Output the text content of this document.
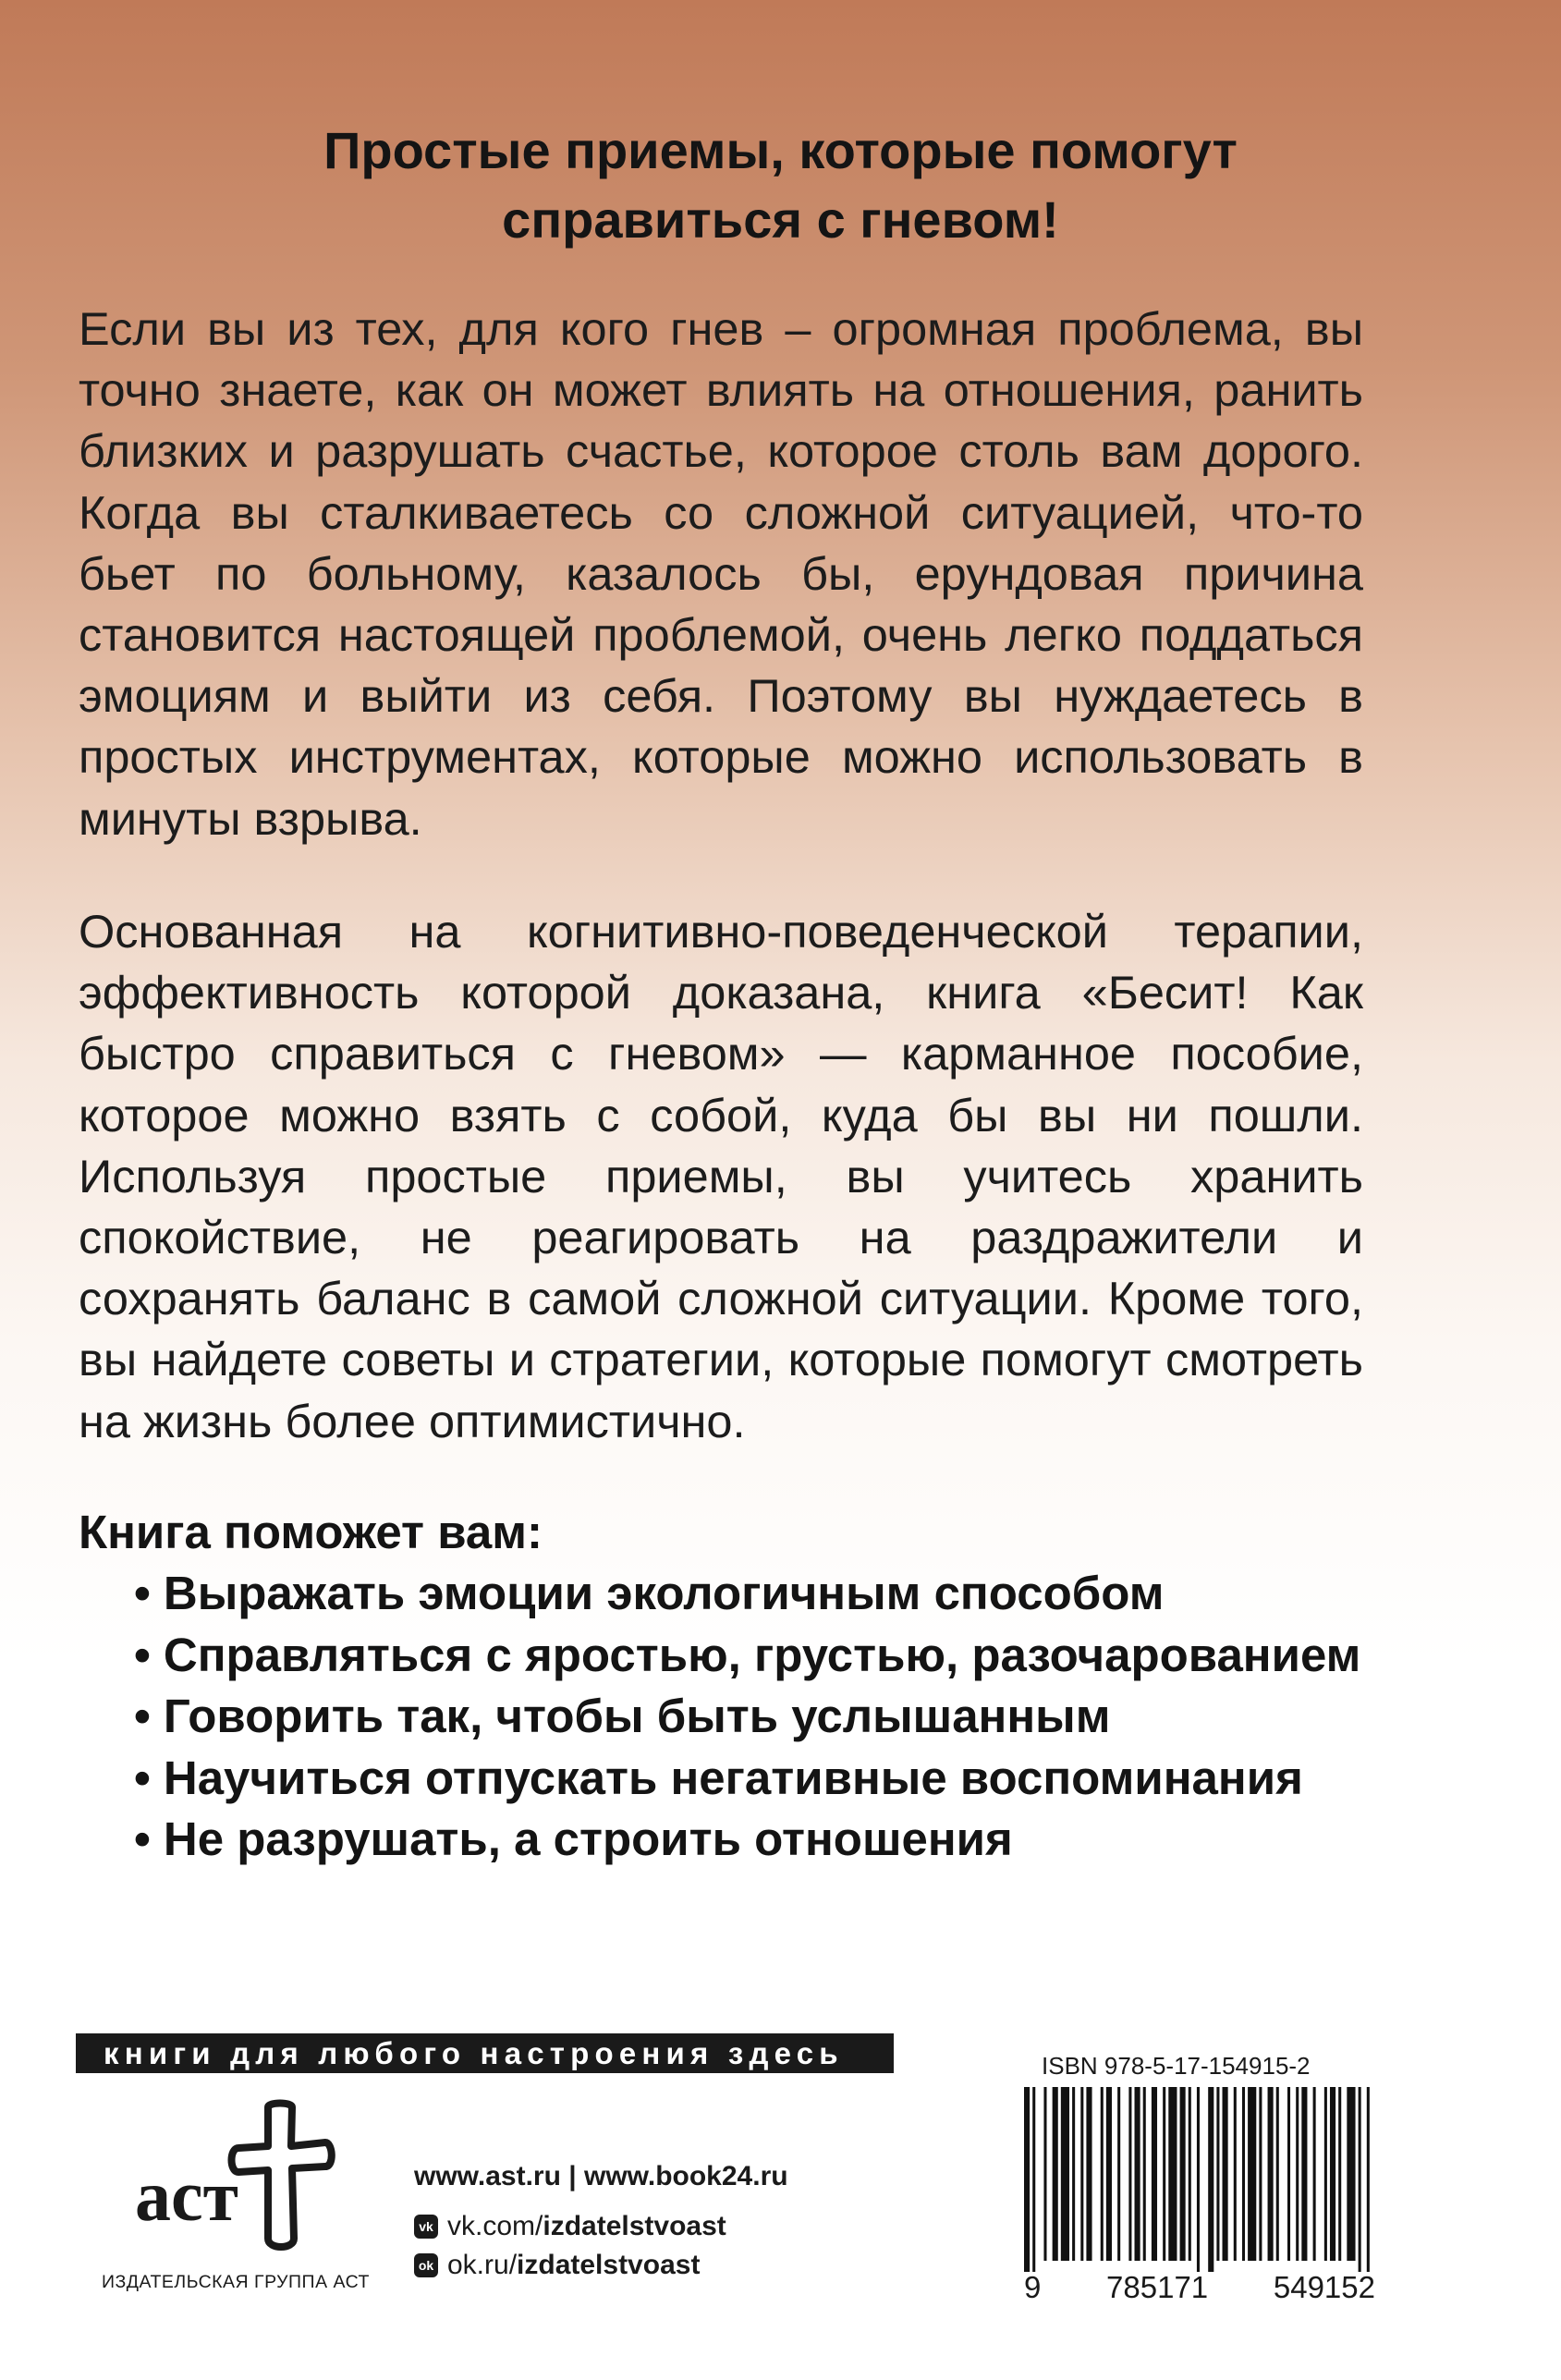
Простые приемы, которые помогут
справиться с гневом!

Если вы из тех, для кого гнев – огромная проблема, вы точно знаете, как он может влиять на отношения, ранить близких и разрушать счастье, которое столь вам дорого. Когда вы сталкиваетесь со сложной ситуацией, что-то бьет по больному, казалось бы, ерундовая причина становится настоящей проблемой, очень легко поддаться эмоциям и выйти из себя. Поэтому вы нуждаетесь в простых инструментах, которые можно использовать в минуты взрыва.

Основанная на когнитивно-поведенческой терапии, эффективность которой доказана, книга «Бесит! Как быстро справиться с гневом» — карманное пособие, которое можно взять с собой, куда бы вы ни пошли. Используя простые приемы, вы учитесь хранить спокойствие, не реагировать на раздражители и сохранять баланс в самой сложной ситуации. Кроме того, вы найдете советы и стратегии, которые помогут смотреть на жизнь более оптимистично.

Книга поможет вам:
• Выражать эмоции экологичным способом
• Справляться с яростью, грустью, разочарованием
• Говорить так, чтобы быть услышанным
• Научиться отпускать негативные воспоминания
• Не разрушать, а строить отношения
книги для любого настроения здесь
аст
ИЗДАТЕЛЬСКАЯ ГРУППА АСТ
www.ast.ru | www.book24.ru
vk vk.com/ izdatelstvoast
ok ok.ru/ izdatelstvoast
ISBN 978-5-17-154915-2
9 785171 549152
